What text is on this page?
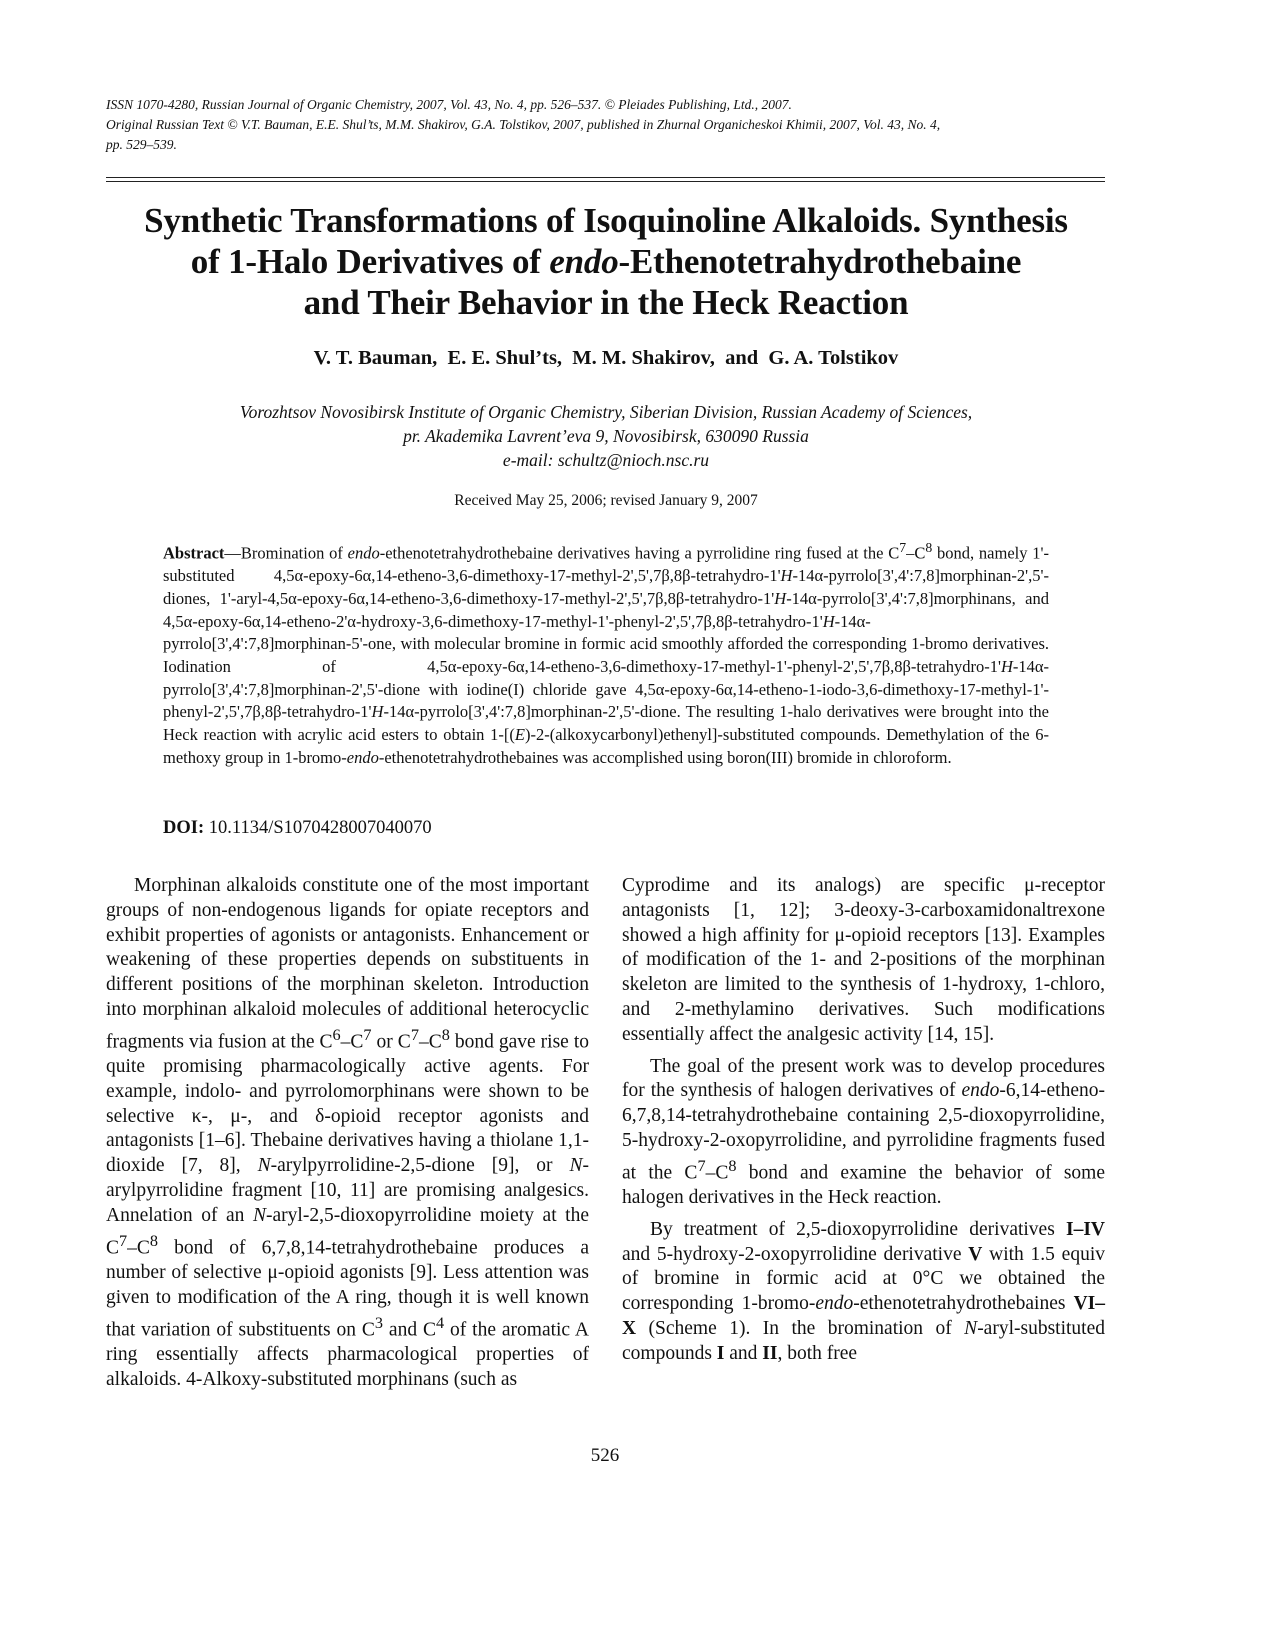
ISSN 1070-4280, Russian Journal of Organic Chemistry, 2007, Vol. 43, No. 4, pp. 526–537. © Pleiades Publishing, Ltd., 2007.
Original Russian Text © V.T. Bauman, E.E. Shul’ts, M.M. Shakirov, G.A. Tolstikov, 2007, published in Zhurnal Organicheskoi Khimii, 2007, Vol. 43, No. 4,
pp. 529–539.
Synthetic Transformations of Isoquinoline Alkaloids. Synthesis
of 1-Halo Derivatives of endo-Ethenotetrahydrothebaine
and Their Behavior in the Heck Reaction
V. T. Bauman,  E. E. Shul’ts,  M. M. Shakirov,  and  G. A. Tolstikov
Vorozhtsov Novosibirsk Institute of Organic Chemistry, Siberian Division, Russian Academy of Sciences,
pr. Akademika Lavrent’eva 9, Novosibirsk, 630090 Russia
e-mail: schultz@nioch.nsc.ru
Received May 25, 2006; revised January 9, 2007
Abstract—Bromination of endo-ethenotetrahydrothebaine derivatives having a pyrrolidine ring fused at the $C^7-C^8$ bond, namely 1'-substituted 4,5α-epoxy-6α,14-etheno-3,6-dimethoxy-17-methyl-2',5',7β,8β-tetrahydro-1'H-14α-pyrrolo[3',4':7,8]morphinan-2',5'-diones, 1'-aryl-4,5α-epoxy-6α,14-etheno-3,6-dimethoxy-17-methyl-2',5',7β,8β-tetrahydro-1'H-14α-pyrrolo[3',4':7,8]morphinans, and 4,5α-epoxy-6α,14-etheno-2'α-hydroxy-3,6-dimethoxy-17-methyl-1'-phenyl-2',5',7β,8β-tetrahydro-1'H-14α-pyrrolo[3',4':7,8]morphinan-5'-one, with molecular bromine in formic acid smoothly afforded the corresponding 1-bromo derivatives. Iodination of 4,5α-epoxy-6α,14-etheno-3,6-dimethoxy-17-methyl-1'-phenyl-2',5',7β,8β-tetrahydro-1'H-14α-pyrrolo[3',4':7,8]morphinan-2',5'-dione with iodine(I) chloride gave 4,5α-epoxy-6α,14-etheno-1-iodo-3,6-dimethoxy-17-methyl-1'-phenyl-2',5',7β,8β-tetrahydro-1'H-14α-pyrrolo[3',4':7,8]morphinan-2',5'-dione. The resulting 1-halo derivatives were brought into the Heck reaction with acrylic acid esters to obtain 1-[(E)-2-(alkoxycarbonyl)ethenyl]-substituted compounds. Demethylation of the 6-methoxy group in 1-bromo-endo-ethenotetrahydrothebaines was accomplished using boron(III) bromide in chloroform.
DOI: 10.1134/S1070428007040070

Morphinan alkaloids constitute one of the most important groups of non-endogenous ligands for opiate receptors and exhibit properties of agonists or antagonists. Enhancement or weakening of these properties depends on substituents in different positions of the morphinan skeleton. Introduction into morphinan alkaloid molecules of additional heterocyclic fragments via fusion at the $C^6-C^7$ or $C^7-C^8$ bond gave rise to quite promising pharmacologically active agents. For example, indolo- and pyrrolomorphinans were shown to be selective κ-, μ-, and δ-opioid receptor agonists and antagonists [1–6]. Thebaine derivatives having a thiolane 1,1-dioxide [7, 8], N-arylpyrrolidine-2,5-dione [9], or N-arylpyrrolidine fragment [10, 11] are promising analgesics. Annelation of an N-aryl-2,5-dioxopyrrolidine moiety at the $C^7-C^8$ bond of 6,7,8,14-tetrahydrothebaine produces a number of selective μ-opioid agonists [9]. Less attention was given to modification of the A ring, though it is well known that variation of substituents on $C^3$ and $C^4$ of the aromatic A ring essentially affects pharmacological properties of alkaloids. 4-Alkoxy-substituted morphinans (such as

Cyprodime and its analogs) are specific μ-receptor antagonists [1, 12]; 3-deoxy-3-carboxamidonaltrexone showed a high affinity for μ-opioid receptors [13]. Examples of modification of the 1- and 2-positions of the morphinan skeleton are limited to the synthesis of 1-hydroxy, 1-chloro, and 2-methylamino derivatives. Such modifications essentially affect the analgesic activity [14, 15].

The goal of the present work was to develop procedures for the synthesis of halogen derivatives of endo-6,14-etheno-6,7,8,14-tetrahydrothebaine containing 2,5-dioxopyrrolidine, 5-hydroxy-2-oxopyrrolidine, and pyrrolidine fragments fused at the $C^7-C^8$ bond and examine the behavior of some halogen derivatives in the Heck reaction.

By treatment of 2,5-dioxopyrrolidine derivatives I–IV and 5-hydroxy-2-oxopyrrolidine derivative V with 1.5 equiv of bromine in formic acid at 0°C we obtained the corresponding 1-bromo-endo-ethenotetrahydrothebaines VI–X (Scheme 1). In the bromination of N-aryl-substituted compounds I and II, both free

526
